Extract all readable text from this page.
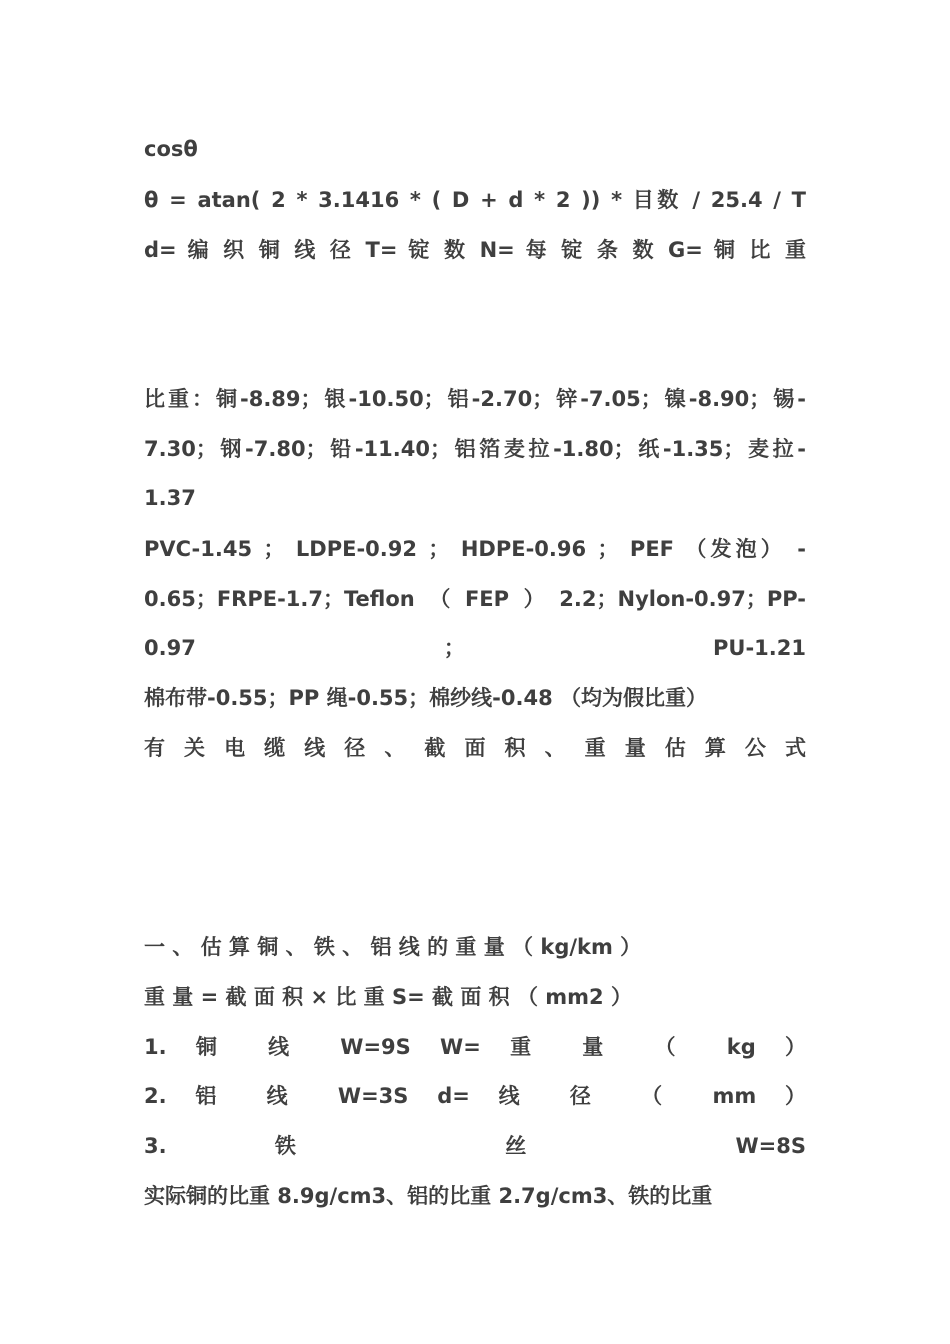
cosθ
θ = atan( 2 * 3.1416 * ( D + d * 2 )) * 目数 / 25.4 / T
d= 编 织 铜 线 径 T= 锭 数 N= 每 锭 条 数 G= 铜 比 重
比重：铜-8.89；银-10.50；铝-2.70；锌-7.05；镍-8.90；锡-
7.30；钢-7.80；铅-11.40；铝箔麦拉-1.80；纸-1.35；麦拉-
1.37
PVC-1.45 ； LDPE-0.92 ； HDPE-0.96 ； PEF （发泡） -
0.65；FRPE-1.7；Teflon（FEP）2.2；Nylon-0.97；PP-
0.97 ； PU-1.21
棉布带-0.55；PP 绳-0.55；棉纱线-0.48 （均为假比重）
有 关 电 缆 线 径 、 截 面 积 、 重 量 估 算 公 式
一 、 估 算 铜 、 铁 、 铝 线 的 重 量 （ kg/km ）
重 量 = 截 面 积 × 比 重 S= 截 面 积 （ mm2 ）
1. 铜 线 W=9S W= 重 量 （ kg ）
2. 铝 线 W=3S d= 线 径 （ mm ）
3. 铁 丝 W=8S
实际铜的比重 8.9g/cm3、铝的比重 2.7g/cm3、铁的比重
